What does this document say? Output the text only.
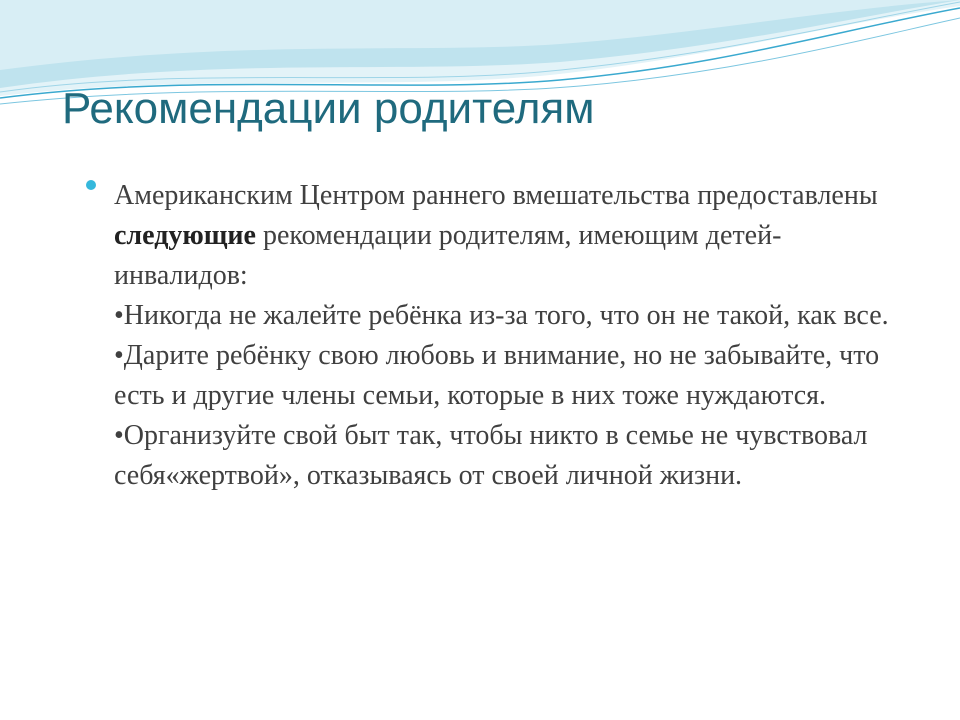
Рекомендации родителям

Американским Центром раннего вмешательства предоставлены следующие рекомендации родителям, имеющим детей-инвалидов:

•Никогда не жалейте ребёнка из-за того, что он не такой, как все.

•Дарите ребёнку свою любовь и внимание, но не забывайте, что есть и другие члены семьи, которые в них тоже нуждаются.

•Организуйте свой быт так, чтобы никто в семье не чувствовал себя«жертвой», отказываясь от своей личной жизни.
